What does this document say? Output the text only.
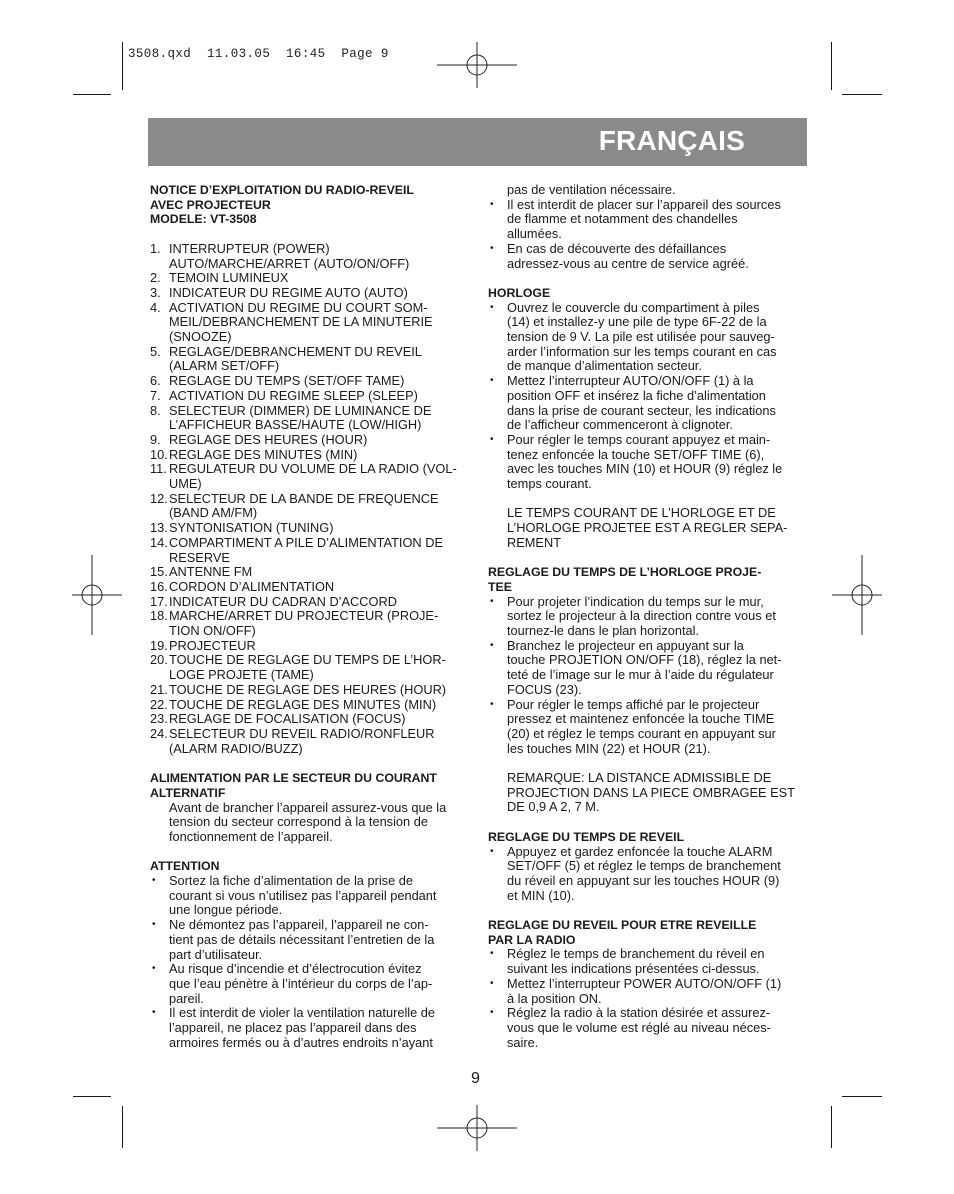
3508.qxd  11.03.05  16:45  Page 9
FRANÇAIS
NOTICE D’EXPLOITATION DU RADIO-REVEIL
AVEC PROJECTEUR
MODELE: VT-3508
1. INTERRUPTEUR (POWER)
AUTO/MARCHE/ARRET (AUTO/ON/OFF)
2. TEMOIN LUMINEUX
3. INDICATEUR DU REGIME AUTO (AUTO)
4. ACTIVATION DU REGIME DU COURT SOM-
MEIL/DEBRANCHEMENT DE LA MINUTERIE
(SNOOZE)
5. REGLAGE/DEBRANCHEMENT DU REVEIL
(ALARM SET/OFF)
6. REGLAGE DU TEMPS (SET/OFF TAME)
7. ACTIVATION DU REGIME SLEEP (SLEEP)
8. SELECTEUR (DIMMER) DE LUMINANCE DE
L’AFFICHEUR BASSE/HAUTE (LOW/HIGH)
9. REGLAGE DES HEURES (HOUR)
10. REGLAGE DES MINUTES (MIN)
11. REGULATEUR DU VOLUME DE LA RADIO (VOL-
UME)
12. SELECTEUR DE LA BANDE DE FREQUENCE
(BAND AM/FM)
13. SYNTONISATION (TUNING)
14. COMPARTIMENT A PILE D’ALIMENTATION DE
RESERVE
15. ANTENNE FM
16. CORDON D’ALIMENTATION
17. INDICATEUR DU CADRAN D’ACCORD
18. MARCHE/ARRET DU PROJECTEUR (PROJE-
TION ON/OFF)
19. PROJECTEUR
20. TOUCHE DE REGLAGE DU TEMPS DE L’HOR-
LOGE PROJETE (TAME)
21. TOUCHE DE REGLAGE DES HEURES (HOUR)
22. TOUCHE DE REGLAGE DES MINUTES (MIN)
23. REGLAGE DE FOCALISATION (FOCUS)
24. SELECTEUR DU REVEIL RADIO/RONFLEUR
(ALARM RADIO/BUZZ)
ALIMENTATION PAR LE SECTEUR DU COURANT
ALTERNATIF
Avant de brancher l’appareil assurez-vous que la
tension du secteur correspond à la tension de
fonctionnement de l’appareil.
ATTENTION
• Sortez la fiche d’alimentation de la prise de
courant si vous n’utilisez pas l’appareil pendant
une longue période.
• Ne démontez pas l’appareil, l’appareil ne con-
tient pas de détails nécessitant l’entretien de la
part d’utilisateur.
• Au risque d’incendie et d’électrocution évitez
que l’eau pénètre à l’intérieur du corps de l’ap-
pareil.
• Il est interdit de violer la ventilation naturelle de
l’appareil, ne placez pas l’appareil dans des
armoires fermés ou à d’autres endroits n’ayant
pas de ventilation nécessaire.
• Il est interdit de placer sur l’appareil des sources
de flamme et notamment des chandelles
allumées.
• En cas de découverte des défaillances
adressez-vous au centre de service agréé.
HORLOGE
• Ouvrez le couvercle du compartiment à piles
(14) et installez-y une pile de type 6F-22 de la
tension de 9 V. La pile est utilisée pour sauveg-
arder l’information sur les temps courant en cas
de manque d’alimentation secteur.
• Mettez l’interrupteur AUTO/ON/OFF (1) à la
position OFF et insérez la fiche d’alimentation
dans la prise de courant secteur, les indications
de l’afficheur commenceront à clignoter.
• Pour régler le temps courant appuyez et main-
tenez enfoncée la touche SET/OFF TIME (6),
avec les touches MIN (10) et HOUR (9) réglez le
temps courant.
LE TEMPS COURANT DE L’HORLOGE ET DE
L’HORLOGE PROJETEE EST A REGLER SEPA-
REMENT
REGLAGE DU TEMPS DE L’HORLOGE PROJE-
TEE
• Pour projeter l’indication du temps sur le mur,
sortez le projecteur à la direction contre vous et
tournez-le dans le plan horizontal.
• Branchez le projecteur en appuyant sur la
touche PROJETION ON/OFF (18), réglez la net-
teté de l’image sur le mur à l’aide du régulateur
FOCUS (23).
• Pour régler le temps affiché par le projecteur
pressez et maintenez enfoncée la touche TIME
(20) et réglez le temps courant en appuyant sur
les touches MIN (22) et HOUR (21).
REMARQUE: LA DISTANCE ADMISSIBLE DE
PROJECTION DANS LA PIECE OMBRAGEE EST
DE 0,9 A 2, 7 M.
REGLAGE DU TEMPS DE REVEIL
• Appuyez et gardez enfoncée la touche ALARM
SET/OFF (5) et réglez le temps de branchement
du réveil en appuyant sur les touches HOUR (9)
et MIN (10).
REGLAGE DU REVEIL POUR ETRE REVEILLE
PAR LA RADIO
• Réglez le temps de branchement du réveil en
suivant les indications présentées ci-dessus.
• Mettez l’interrupteur POWER AUTO/ON/OFF (1)
à la position ON.
• Réglez la radio à la station désirée et assurez-
vous que le volume est réglé au niveau néces-
saire.
9
